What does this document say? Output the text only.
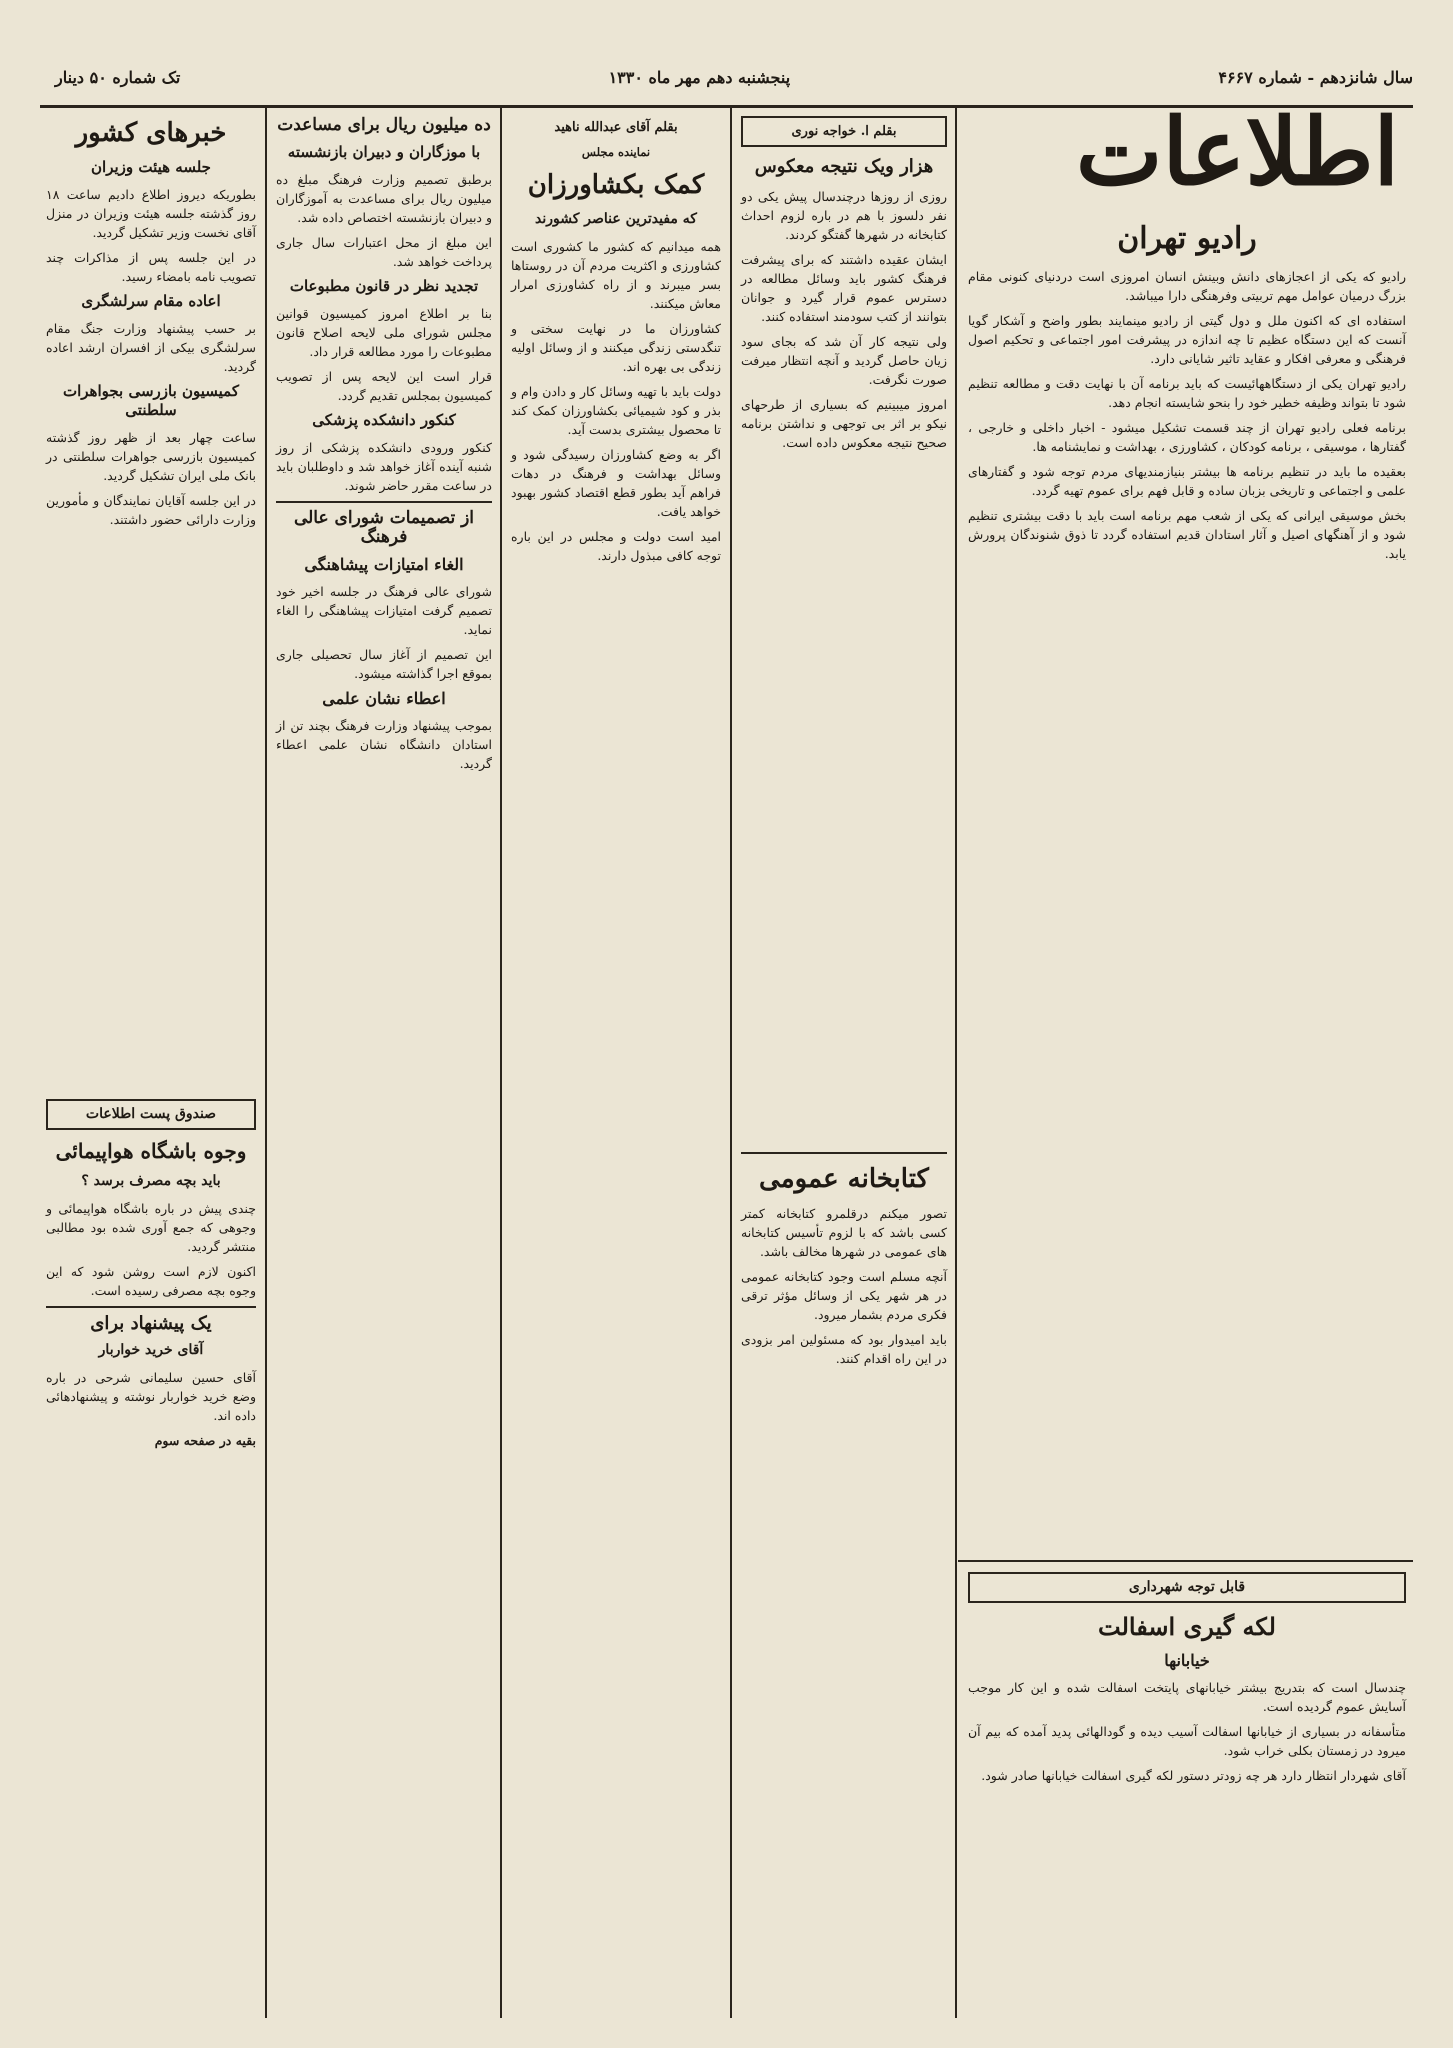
سال شانزدهم - شماره ۴۶۶۷
پنجشنبه دهم مهر ماه ۱۳۳۰
تک شماره ۵۰ دینار
اطلاعات
رادیو تهران

رادیو که یکی از اعجازهای دانش وبینش انسان امروزی است دردنیای کنونی مقام بزرگ درمیان عوامل مهم تربیتی وفرهنگی دارا میباشد.

استفاده ای که اکنون ملل و دول گیتی از رادیو مینمایند بطور واضح و آشکار گویا آنست که این دستگاه عظیم تا چه اندازه در پیشرفت امور اجتماعی و تحکیم اصول فرهنگی و معرفی افکار و عقاید تاثیر شایانی دارد.

رادیو تهران یکی از دستگاههائیست که باید برنامه آن با نهایت دقت و مطالعه تنظیم شود تا بتواند وظیفه خطیر خود را بنحو شایسته انجام دهد.

برنامه فعلی رادیو تهران از چند قسمت تشکیل میشود - اخبار داخلی و خارجی ، گفتارها ، موسیقی ، برنامه کودکان ، کشاورزی ، بهداشت و نمایشنامه ها.

بعقیده ما باید در تنظیم برنامه ها بیشتر بنیازمندیهای مردم توجه شود و گفتارهای علمی و اجتماعی و تاریخی بزبان ساده و قابل فهم برای عموم تهیه گردد.

بخش موسیقی ایرانی که یکی از شعب مهم برنامه است باید با دقت بیشتری تنظیم شود و از آهنگهای اصیل و آثار استادان قدیم استفاده گردد تا ذوق شنوندگان پرورش یابد.

قابل توجه شهرداری
لکه گیری اسفالت
خیابانها

چندسال است که بتدریج بیشتر خیابانهای پایتخت اسفالت شده و این کار موجب آسایش عموم گردیده است.

متأسفانه در بسیاری از خیابانها اسفالت آسیب دیده و گودالهائی پدید آمده که بیم آن میرود در زمستان بکلی خراب شود.

آقای شهردار انتظار دارد هر چه زودتر دستور لکه گیری اسفالت خیابانها صادر شود.

بقلم ا. خواجه نوری
هزار ویک نتیجه معکوس

روزی از روزها درچندسال پیش یکی دو نفر دلسوز با هم در باره لزوم احداث کتابخانه در شهرها گفتگو کردند.

ایشان عقیده داشتند که برای پیشرفت فرهنگ کشور باید وسائل مطالعه در دسترس عموم قرار گیرد و جوانان بتوانند از کتب سودمند استفاده کنند.

ولی نتیجه کار آن شد که بجای سود زیان حاصل گردید و آنچه انتظار میرفت صورت نگرفت.

امروز میبینیم که بسیاری از طرحهای نیکو بر اثر بی توجهی و نداشتن برنامه صحیح نتیجه معکوس داده است.

کتابخانه عمومی

تصور میکنم درقلمرو کتابخانه کمتر کسی باشد که با لزوم تأسیس کتابخانه های عمومی در شهرها مخالف باشد.

آنچه مسلم است وجود کتابخانه عمومی در هر شهر یکی از وسائل مؤثر ترقی فکری مردم بشمار میرود.

باید امیدوار بود که مسئولین امر بزودی در این راه اقدام کنند.

بقلم آقای عبدالله ناهید
نماینده مجلس
کمک بکشاورزان
که مفیدترین عناصر کشورند

همه میدانیم که کشور ما کشوری است کشاورزی و اکثریت مردم آن در روستاها بسر میبرند و از راه کشاورزی امرار معاش میکنند.

کشاورزان ما در نهایت سختی و تنگدستی زندگی میکنند و از وسائل اولیه زندگی بی بهره اند.

دولت باید با تهیه وسائل کار و دادن وام و بذر و کود شیمیائی بکشاورزان کمک کند تا محصول بیشتری بدست آید.

اگر به وضع کشاورزان رسیدگی شود و وسائل بهداشت و فرهنگ در دهات فراهم آید بطور قطع اقتصاد کشور بهبود خواهد یافت.

امید است دولت و مجلس در این باره توجه کافی مبذول دارند.

ده میلیون ریال برای مساعدت
با موزگاران و دبیران بازنشسته

برطبق تصمیم وزارت فرهنگ مبلغ ده میلیون ریال برای مساعدت به آموزگاران و دبیران بازنشسته اختصاص داده شد.

این مبلغ از محل اعتبارات سال جاری پرداخت خواهد شد.

تجدید نظر در قانون مطبوعات

بنا بر اطلاع امروز کمیسیون قوانین مجلس شورای ملی لایحه اصلاح قانون مطبوعات را مورد مطالعه قرار داد.

قرار است این لایحه پس از تصویب کمیسیون بمجلس تقدیم گردد.

کنکور دانشکده پزشکی

کنکور ورودی دانشکده پزشکی از روز شنبه آینده آغاز خواهد شد و داوطلبان باید در ساعت مقرر حاضر شوند.

از تصمیمات شورای عالی فرهنگ
الغاء امتیازات پیشاهنگی

شورای عالی فرهنگ در جلسه اخیر خود تصمیم گرفت امتیازات پیشاهنگی را الغاء نماید.

این تصمیم از آغاز سال تحصیلی جاری بموقع اجرا گذاشته میشود.

اعطاء نشان علمی

بموجب پیشنهاد وزارت فرهنگ بچند تن از استادان دانشگاه نشان علمی اعطاء گردید.

خبرهای کشور
جلسه هیئت وزیران

بطوریکه دیروز اطلاع دادیم ساعت ۱۸ روز گذشته جلسه هیئت وزیران در منزل آقای نخست وزیر تشکیل گردید.

در این جلسه پس از مذاکرات چند تصویب نامه بامضاء رسید.

اعاده مقام سرلشگری

بر حسب پیشنهاد وزارت جنگ مقام سرلشگری بیکی از افسران ارشد اعاده گردید.

کمیسیون بازرسی بجواهرات سلطنتی

ساعت چهار بعد از ظهر روز گذشته کمیسیون بازرسی جواهرات سلطنتی در بانک ملی ایران تشکیل گردید.

در این جلسه آقایان نمایندگان و مأمورین وزارت دارائی حضور داشتند.

صندوق پست اطلاعات
وجوه باشگاه هواپیمائی
باید بچه مصرف برسد ؟

چندی پیش در باره باشگاه هواپیمائی و وجوهی که جمع آوری شده بود مطالبی منتشر گردید.

اکنون لازم است روشن شود که این وجوه بچه مصرفی رسیده است.

یک پیشنهاد برای
آقای خرید خواربار

آقای حسین سلیمانی شرحی در باره وضع خرید خواربار نوشته و پیشنهادهائی داده اند.

بقیه در صفحه سوم
